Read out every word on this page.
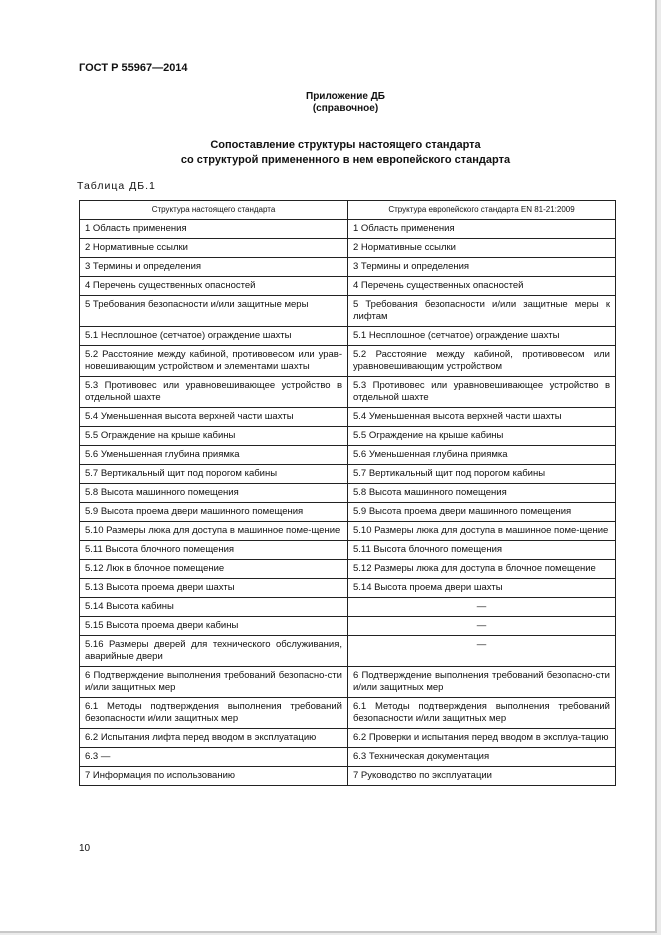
ГОСТ Р 55967—2014
Приложение ДБ
(справочное)
Сопоставление структуры настоящего стандарта
со структурой примененного в нем европейского стандарта
Таблица ДБ.1
Структура настоящего стандарта	Структура европейского стандарта EN 81-21:2009
1 Область применения	1 Область применения
2 Нормативные ссылки	2 Нормативные ссылки
3 Термины и определения	3 Термины и определения
4 Перечень существенных опасностей	4 Перечень существенных опасностей
5 Требования безопасности и/или защитные меры	5 Требования безопасности и/или защитные меры к лифтам
5.1 Несплошное (сетчатое) ограждение шахты	5.1 Несплошное (сетчатое) ограждение шахты
5.2 Расстояние между кабиной, противовесом или урав-новешивающим устройством и элементами шахты	5.2 Расстояние между кабиной, противовесом или уравновешивающим устройством
5.3 Противовес или уравновешивающее устройство в отдельной шахте	5.3 Противовес или уравновешивающее устройство в отдельной шахте
5.4 Уменьшенная высота верхней части шахты	5.4 Уменьшенная высота верхней части шахты
5.5 Ограждение на крыше кабины	5.5 Ограждение на крыше кабины
5.6 Уменьшенная глубина приямка	5.6 Уменьшенная глубина приямка
5.7 Вертикальный щит под порогом кабины	5.7 Вертикальный щит под порогом кабины
5.8 Высота машинного помещения	5.8 Высота машинного помещения
5.9 Высота проема двери машинного помещения	5.9 Высота проема двери машинного помещения
5.10 Размеры люка для доступа в машинное поме-щение	5.10 Размеры люка для доступа в машинное поме-щение
5.11 Высота блочного помещения	5.11 Высота блочного помещения
5.12 Люк в блочное помещение	5.12 Размеры люка для доступа в блочное помещение
5.13 Высота проема двери шахты	5.14 Высота проема двери шахты
5.14 Высота кабины	—
5.15 Высота проема двери кабины	—
5.16 Размеры дверей для технического обслуживания, аварийные двери	—
6 Подтверждение выполнения требований безопасно-сти и/или защитных мер	6 Подтверждение выполнения требований безопасно-сти и/или защитных мер
6.1 Методы подтверждения выполнения требований безопасности и/или защитных мер	6.1 Методы подтверждения выполнения требований безопасности и/или защитных мер
6.2 Испытания лифта перед вводом в эксплуатацию	6.2 Проверки и испытания перед вводом в эксплуа-тацию
6.3 —	6.3 Техническая документация
7 Информация по использованию	7 Руководство по эксплуатации
10
